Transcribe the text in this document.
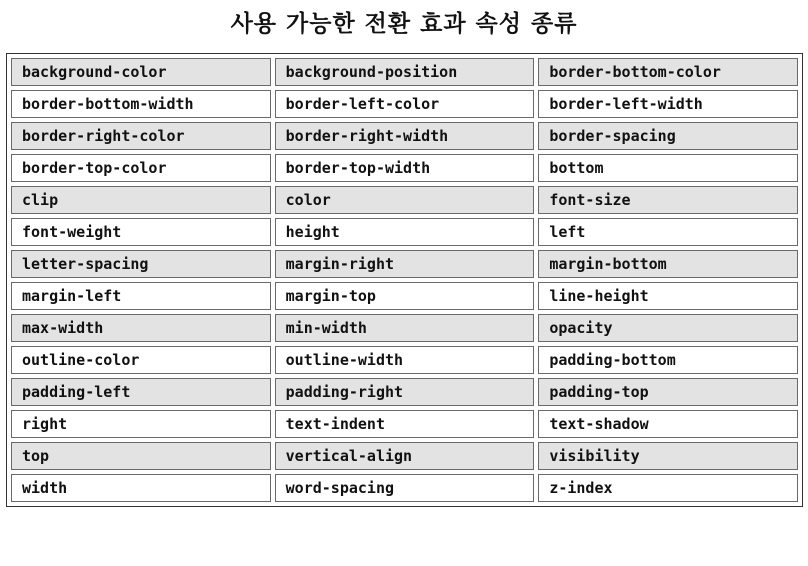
사용 가능한 전환 효과 속성 종류
background-color	background-position	border-bottom-color
border-bottom-width	border-left-color	border-left-width
border-right-color	border-right-width	border-spacing
border-top-color	border-top-width	bottom
clip	color	font-size
font-weight	height	left
letter-spacing	margin-right	margin-bottom
margin-left	margin-top	line-height
max-width	min-width	opacity
outline-color	outline-width	padding-bottom
padding-left	padding-right	padding-top
right	text-indent	text-shadow
top	vertical-align	visibility
width	word-spacing	z-index
